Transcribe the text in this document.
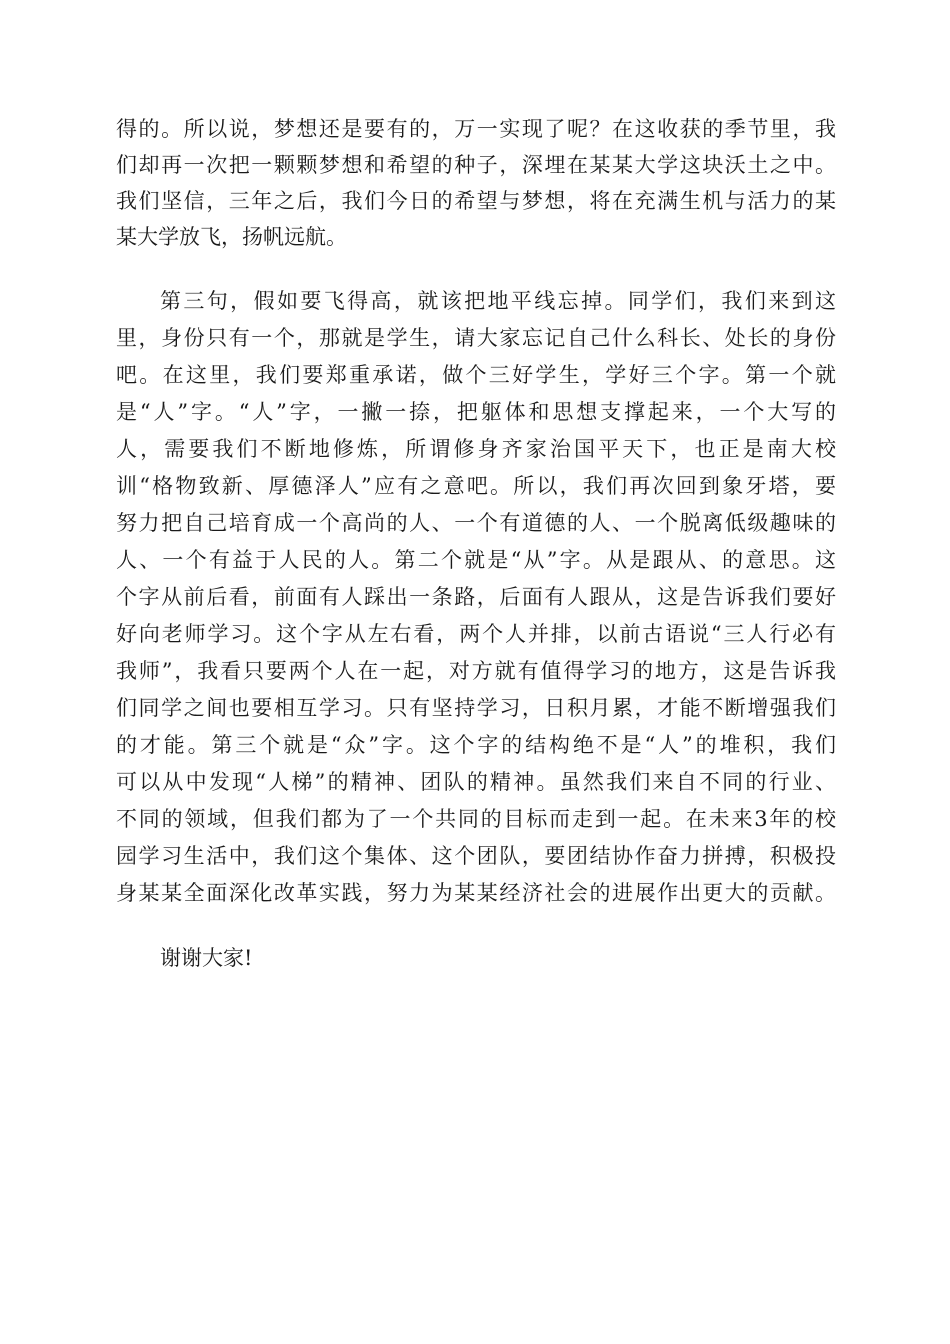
得的。所以说，梦想还是要有的，万一实现了呢？在这收获的季节里，我
们却再一次把一颗颗梦想和希望的种子，深埋在某某大学这块沃土之中。
我们坚信，三年之后，我们今日的希望与梦想，将在充满生机与活力的某
某大学放飞，扬帆远航。
第三句，假如要飞得高，就该把地平线忘掉。同学们，我们来到这
里，身份只有一个，那就是学生，请大家忘记自己什么科长、处长的身份
吧。在这里，我们要郑重承诺，做个三好学生，学好三个字。第一个就
是“人”字。“人”字，一撇一捺，把躯体和思想支撑起来，一个大写的
人，需要我们不断地修炼，所谓修身齐家治国平天下，也正是南大校
训“格物致新、厚德泽人”应有之意吧。所以，我们再次回到象牙塔，要
努力把自己培育成一个高尚的人、一个有道德的人、一个脱离低级趣味的
人、一个有益于人民的人。第二个就是“从”字。从是跟从、的意思。这
个字从前后看，前面有人踩出一条路，后面有人跟从，这是告诉我们要好
好向老师学习。这个字从左右看，两个人并排，以前古语说“三人行必有
我师”，我看只要两个人在一起，对方就有值得学习的地方，这是告诉我
们同学之间也要相互学习。只有坚持学习，日积月累，才能不断增强我们
的才能。第三个就是“众”字。这个字的结构绝不是“人”的堆积，我们
可以从中发现“人梯”的精神、团队的精神。虽然我们来自不同的行业、
不同的领域，但我们都为了一个共同的目标而走到一起。在未来3年的校
园学习生活中，我们这个集体、这个团队，要团结协作奋力拼搏，积极投
身某某全面深化改革实践，努力为某某经济社会的进展作出更大的贡献。
谢谢大家!
